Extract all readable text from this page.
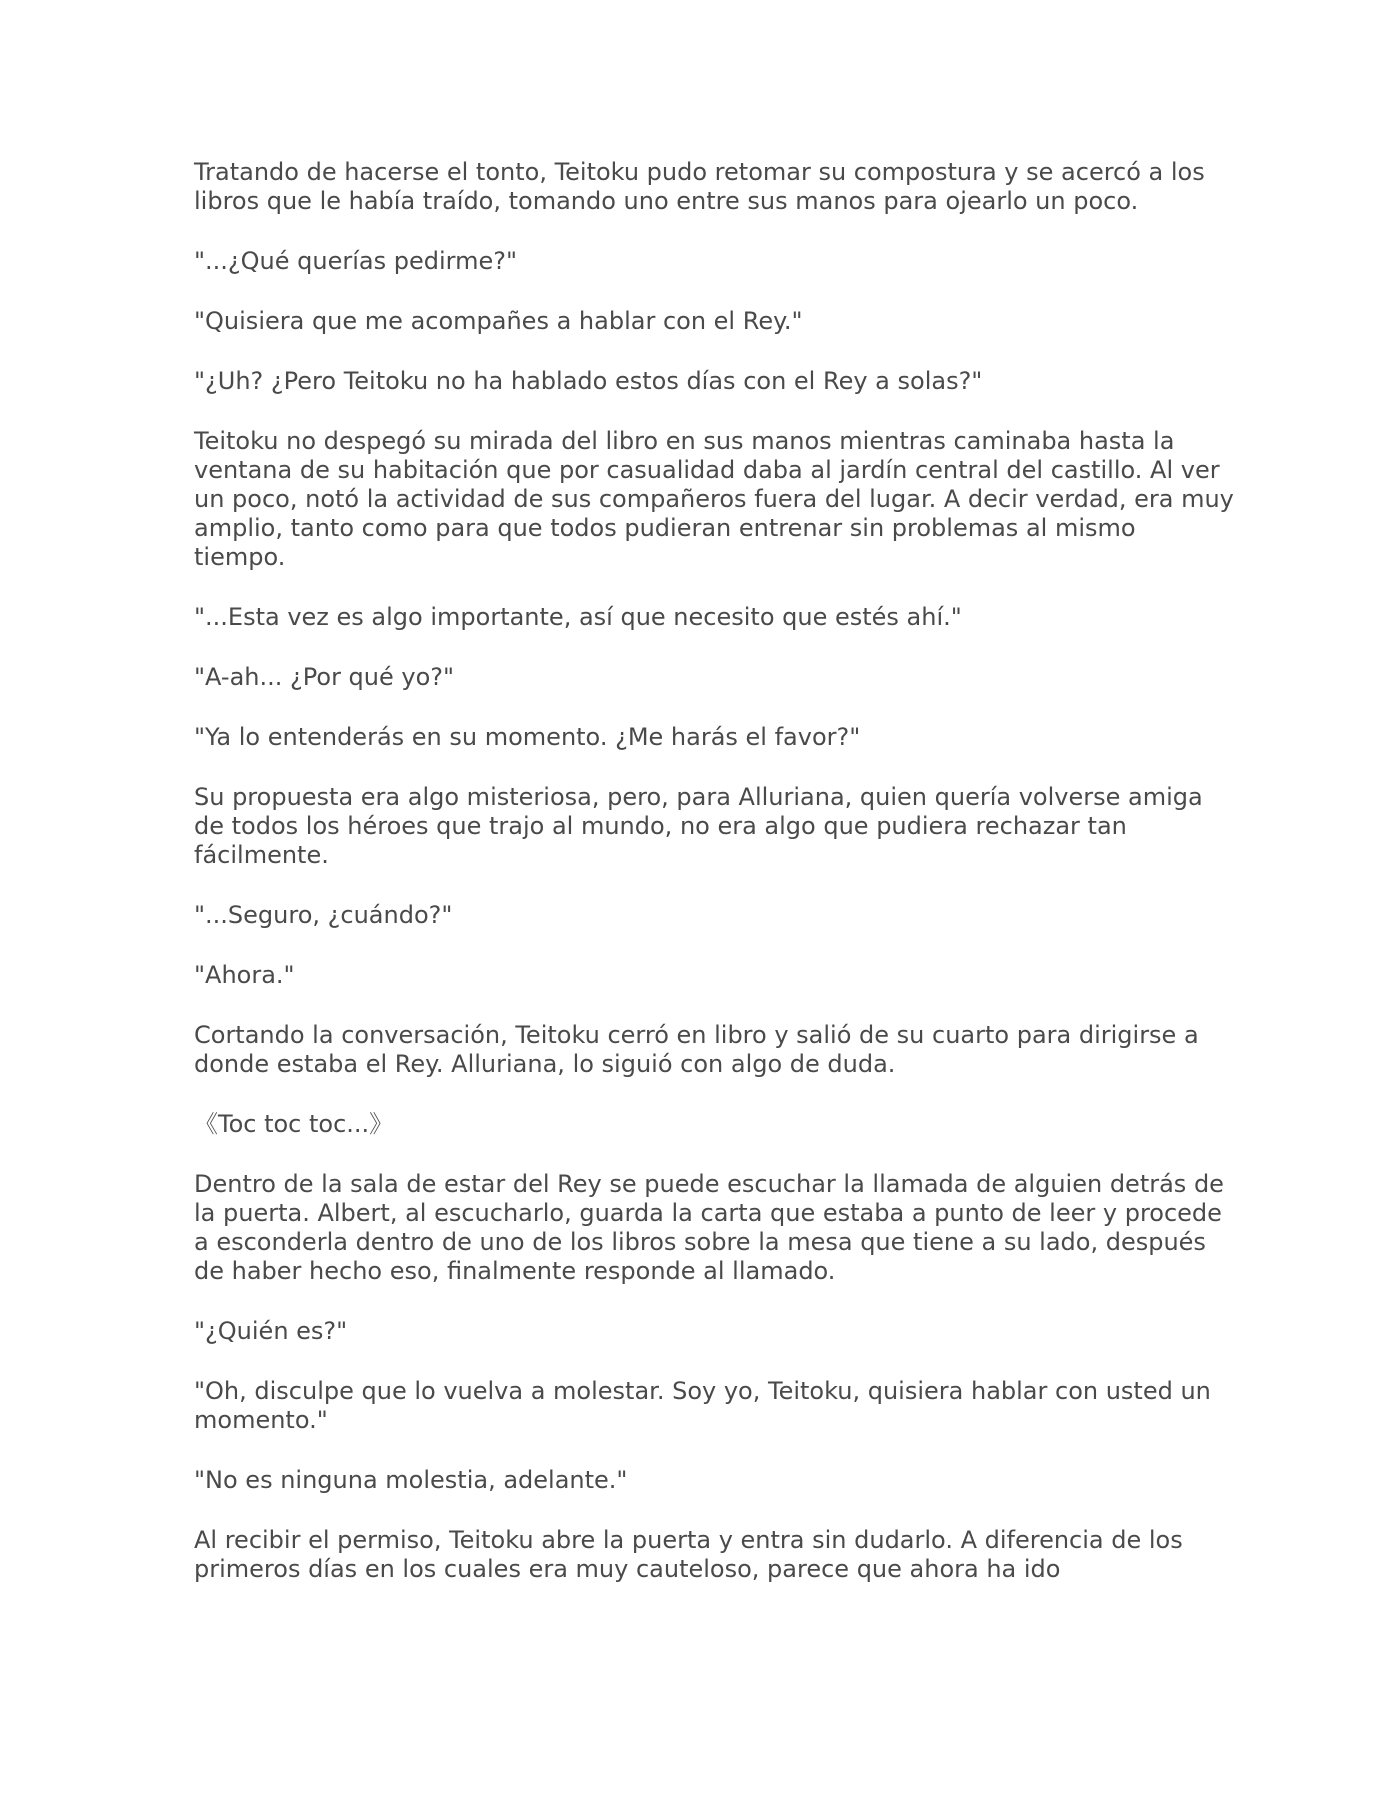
Tratando de hacerse el tonto, Teitoku pudo retomar su compostura y se acercó a los libros que le había traído, tomando uno entre sus manos para ojearlo un poco.

"...¿Qué querías pedirme?"

"Quisiera que me acompañes a hablar con el Rey."

"¿Uh? ¿Pero Teitoku no ha hablado estos días con el Rey a solas?"

Teitoku no despegó su mirada del libro en sus manos mientras caminaba hasta la ventana de su habitación que por casualidad daba al jardín central del castillo. Al ver un poco, notó la actividad de sus compañeros fuera del lugar. A decir verdad, era muy amplio, tanto como para que todos pudieran entrenar sin problemas al mismo tiempo.

"...Esta vez es algo importante, así que necesito que estés ahí."

"A-ah... ¿Por qué yo?"

"Ya lo entenderás en su momento. ¿Me harás el favor?"

Su propuesta era algo misteriosa, pero, para Alluriana, quien quería volverse amiga de todos los héroes que trajo al mundo, no era algo que pudiera rechazar tan fácilmente.

"...Seguro, ¿cuándo?"

"Ahora."

Cortando la conversación, Teitoku cerró en libro y salió de su cuarto para dirigirse a donde estaba el Rey. Alluriana, lo siguió con algo de duda.

《Toc toc toc...》

Dentro de la sala de estar del Rey se puede escuchar la llamada de alguien detrás de la puerta. Albert, al escucharlo, guarda la carta que estaba a punto de leer y procede a esconderla dentro de uno de los libros sobre la mesa que tiene a su lado, después de haber hecho eso, finalmente responde al llamado.

"¿Quién es?"

"Oh, disculpe que lo vuelva a molestar. Soy yo, Teitoku, quisiera hablar con usted un momento."

"No es ninguna molestia, adelante."

Al recibir el permiso, Teitoku abre la puerta y entra sin dudarlo. A diferencia de los primeros días en los cuales era muy cauteloso, parece que ahora ha ido
